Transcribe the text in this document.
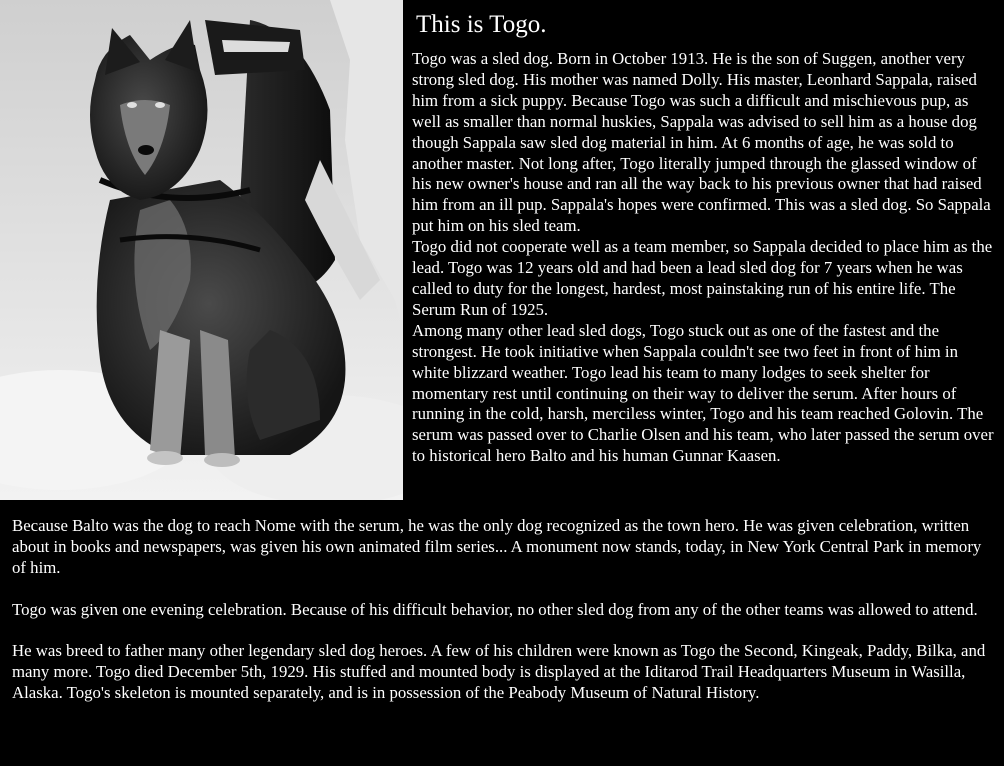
This is Togo.

Togo was a sled dog. Born in October 1913. He is the son of Suggen, another very strong sled dog. His mother was named Dolly. His master, Leonhard Sappala, raised him from a sick puppy. Because Togo was such a difficult and mischievous pup, as well as smaller than normal huskies, Sappala was advised to sell him as a house dog though Sappala saw sled dog material in him. At 6 months of age, he was sold to another master. Not long after, Togo literally jumped through the glassed window of his new owner's house and ran all the way back to his previous owner that had raised him from an ill pup. Sappala's hopes were confirmed. This was a sled dog. So Sappala put him on his sled team.

Togo did not cooperate well as a team member, so Sappala decided to place him as the lead. Togo was 12 years old and had been a lead sled dog for 7 years when he was called to duty for the longest, hardest, most painstaking run of his entire life. The Serum Run of 1925.

Among many other lead sled dogs, Togo stuck out as one of the fastest and the strongest. He took initiative when Sappala couldn't see two feet in front of him in white blizzard weather. Togo lead his team to many lodges to seek shelter for momentary rest until continuing on their way to deliver the serum. After hours of running in the cold, harsh, merciless winter, Togo and his team reached Golovin. The serum was passed over to Charlie Olsen and his team, who later passed the serum over to historical hero Balto and his human Gunnar Kaasen.

Because Balto was the dog to reach Nome with the serum, he was the only dog recognized as the town hero. He was given celebration, written about in books and newspapers, was given his own animated film series... A monument now stands, today, in New York Central Park in memory of him.

Togo was given one evening celebration. Because of his difficult behavior, no other sled dog from any of the other teams was allowed to attend.

He was breed to father many other legendary sled dog heroes. A few of his children were known as Togo the Second, Kingeak, Paddy, Bilka, and many more. Togo died December 5th, 1929. His stuffed and mounted body is displayed at the Iditarod Trail Headquarters Museum in Wasilla, Alaska. Togo's skeleton is mounted separately, and is in possession of the Peabody Museum of Natural History.
